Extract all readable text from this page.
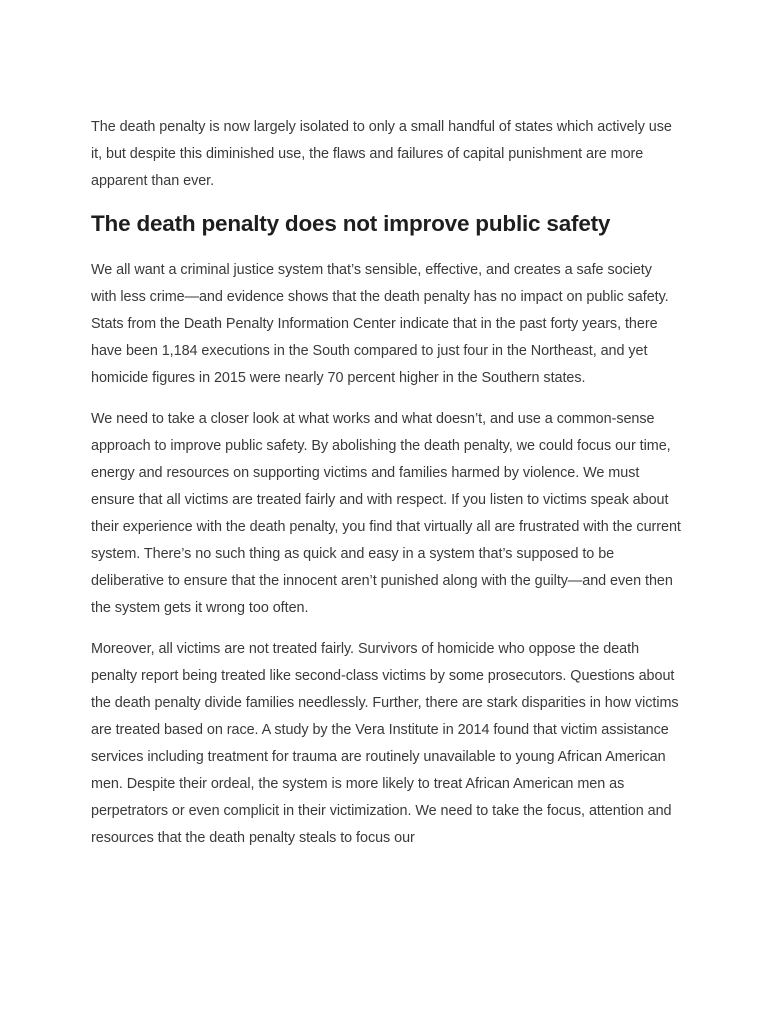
The death penalty is now largely isolated to only a small handful of states which actively use it, but despite this diminished use, the flaws and failures of capital punishment are more apparent than ever.

The death penalty does not improve public safety

We all want a criminal justice system that’s sensible, effective, and creates a safe society with less crime—and evidence shows that the death penalty has no impact on public safety. Stats from the Death Penalty Information Center indicate that in the past forty years, there have been 1,184 executions in the South compared to just four in the Northeast, and yet homicide figures in 2015 were nearly 70 percent higher in the Southern states.

We need to take a closer look at what works and what doesn’t, and use a common-sense approach to improve public safety. By abolishing the death penalty, we could focus our time, energy and resources on supporting victims and families harmed by violence. We must ensure that all victims are treated fairly and with respect. If you listen to victims speak about their experience with the death penalty, you find that virtually all are frustrated with the current system. There’s no such thing as quick and easy in a system that’s supposed to be deliberative to ensure that the innocent aren’t punished along with the guilty—and even then the system gets it wrong too often.

Moreover, all victims are not treated fairly. Survivors of homicide who oppose the death penalty report being treated like second-class victims by some prosecutors. Questions about the death penalty divide families needlessly. Further, there are stark disparities in how victims are treated based on race. A study by the Vera Institute in 2014 found that victim assistance services including treatment for trauma are routinely unavailable to young African American men. Despite their ordeal, the system is more likely to treat African American men as perpetrators or even complicit in their victimization. We need to take the focus, attention and resources that the death penalty steals to focus our
